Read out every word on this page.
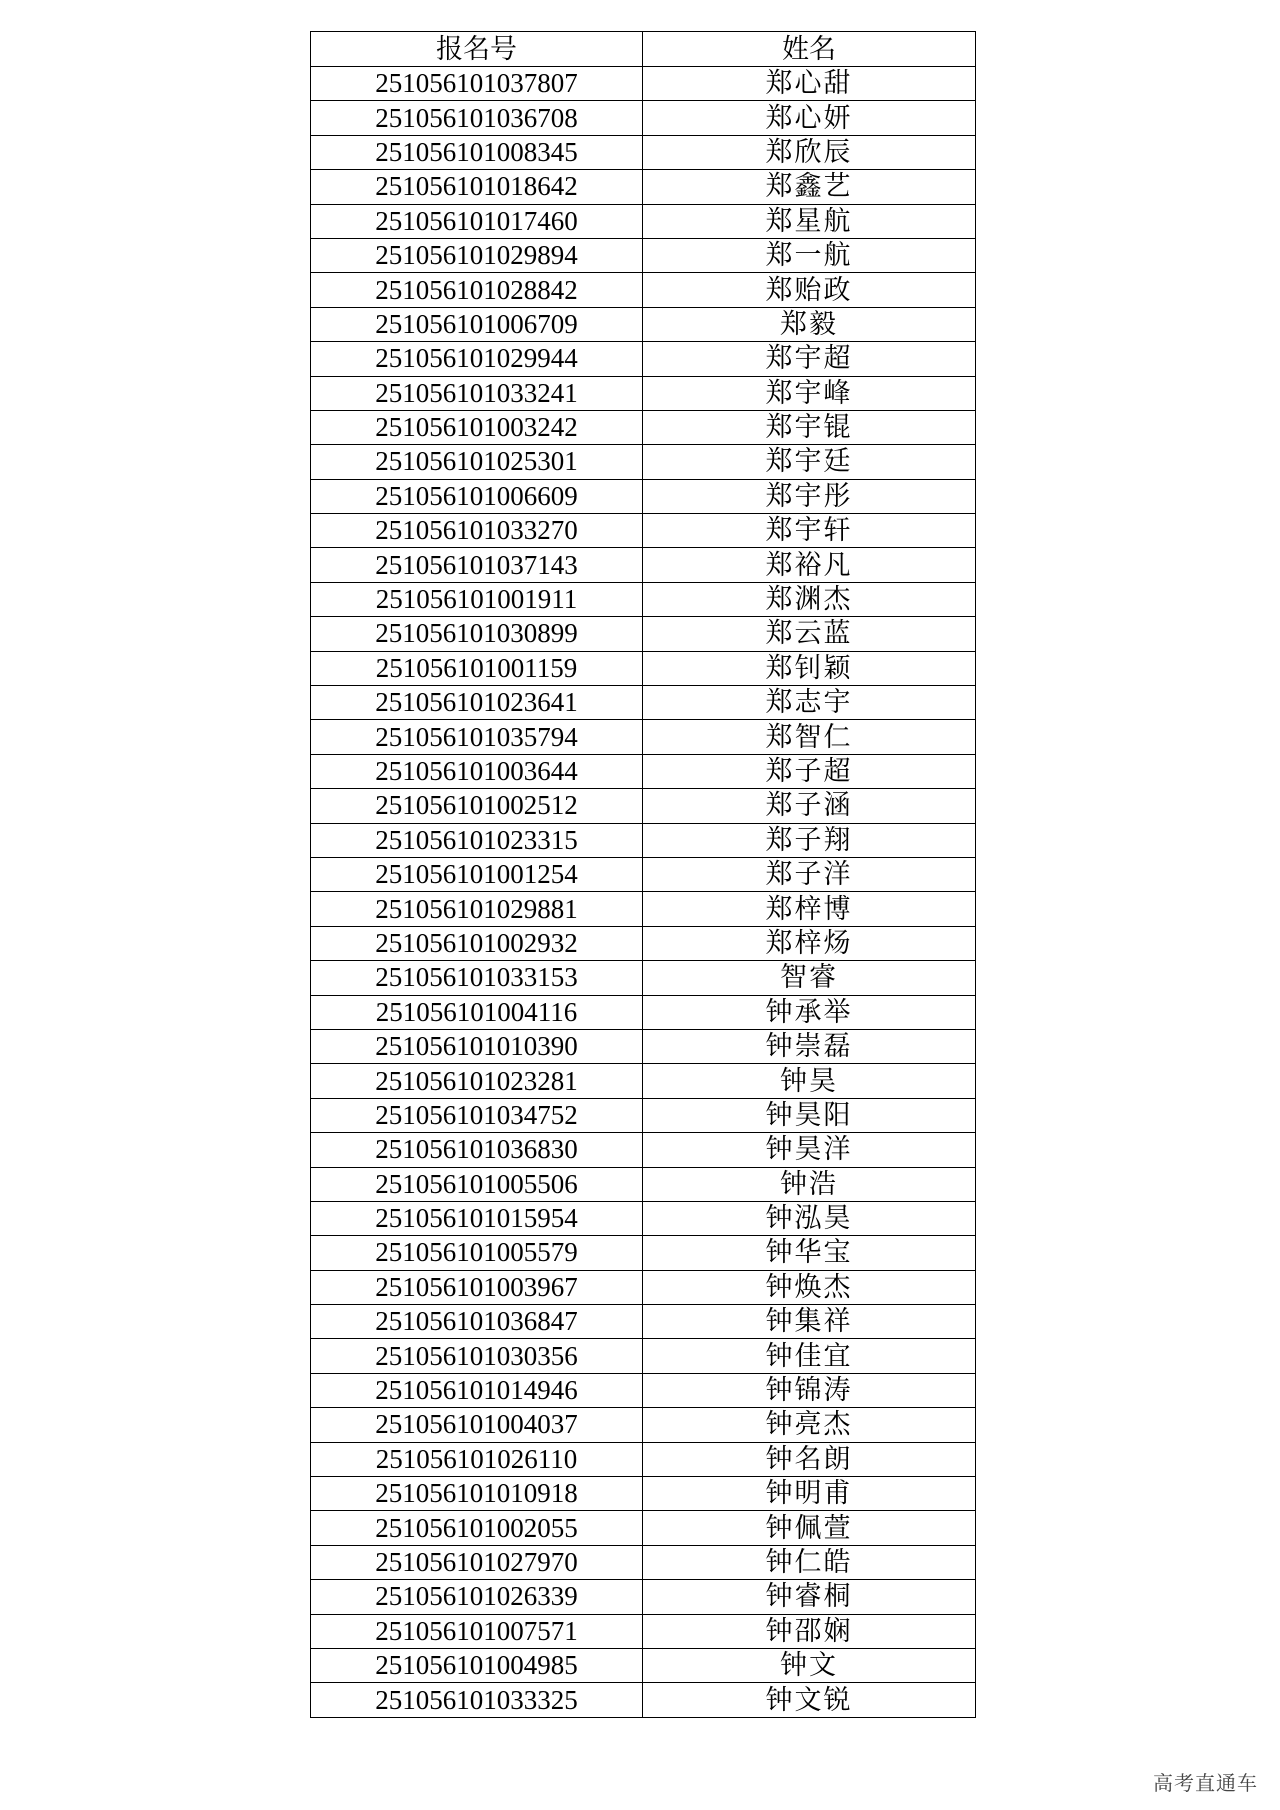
报名号	姓名
251056101037807	郑心甜
251056101036708	郑心妍
251056101008345	郑欣辰
251056101018642	郑鑫艺
251056101017460	郑星航
251056101029894	郑一航
251056101028842	郑贻政
251056101006709	郑毅
251056101029944	郑宇超
251056101033241	郑宇峰
251056101003242	郑宇锟
251056101025301	郑宇廷
251056101006609	郑宇彤
251056101033270	郑宇轩
251056101037143	郑裕凡
251056101001911	郑渊杰
251056101030899	郑云蓝
251056101001159	郑钊颖
251056101023641	郑志宇
251056101035794	郑智仁
251056101003644	郑子超
251056101002512	郑子涵
251056101023315	郑子翔
251056101001254	郑子洋
251056101029881	郑梓博
251056101002932	郑梓炀
251056101033153	智睿
251056101004116	钟承举
251056101010390	钟崇磊
251056101023281	钟昊
251056101034752	钟昊阳
251056101036830	钟昊洋
251056101005506	钟浩
251056101015954	钟泓昊
251056101005579	钟华宝
251056101003967	钟焕杰
251056101036847	钟集祥
251056101030356	钟佳宜
251056101014946	钟锦涛
251056101004037	钟亮杰
251056101026110	钟名朗
251056101010918	钟明甫
251056101002055	钟佩萱
251056101027970	钟仁皓
251056101026339	钟睿桐
251056101007571	钟邵娴
251056101004985	钟文
251056101033325	钟文锐
高考直通车
